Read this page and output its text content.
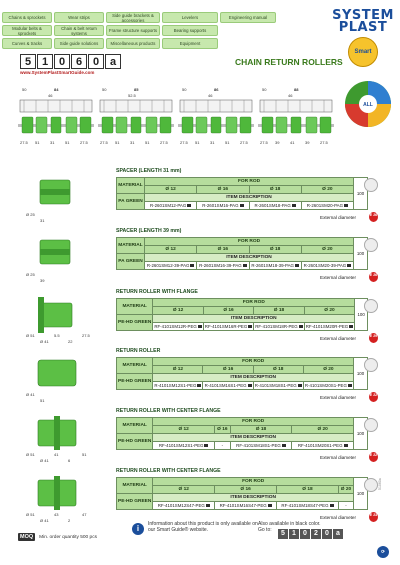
Chains & sprockets	Wear strips	Side guide brackets & accessories	Levelers	Engineering manual
Modular belts & sprockets
Chain & belt return systems	Frame structure supports	Bearing supports
Curves & tracks	Side guide solutions	Miscellaneous products	Equipment
SYSTEM
PLAST
Smart
5 1 0 6 0 a	CHAIN RETURN ROLLERS
www.SystemPlastSmartGuide.com
ALL
50	84
46
27.5 51	31	51	27.5
50	85
52.5
27.5 51	31	51	27.5
50	86
46
27.5 51	31	51	27.5
50	88
46
27.5 39	41	39	27.5
Ø 25
31
SPACER (LENGTH 31 mm)
MATERIAL	FOR ROD				100
	Ø 12	Ø 16	Ø 18	Ø 20	
PA GREEN	ITEM DESCRIPTION				
	R-2601SM12-PAG	R-2601SM16-PAG	R-2601SM18-PAG	R-2601SM20-PAG	
External diameter	E 26
Ø 25
39
SPACER (LENGTH 39 mm)
MATERIAL	FOR ROD				100
	Ø 12	Ø 16	Ø 18	Ø 20	
PA GREEN	ITEM DESCRIPTION				
	R-2601SM12-39-PAG	R-2601SM16-39-PAG	R-2601SM18-39-PAG	R-2601SM20-39-PAG	
External diameter	E 26
Ø 51
Ø 41
5.5
22
27.5
RETURN ROLLER WITH FLANGE
MATERIAL	FOR ROD				100
	Ø 12	Ø 16	Ø 18	Ø 20	
PE-HD GREEN	ITEM DESCRIPTION				
	RF-4101SM12R-PEG	RF-4101SM16R-PEG	RF-4101SM18R-PEG	RF-4101SM20R-PEG	
External diameter	E 29
Ø 41
51
RETURN ROLLER
MATERIAL	FOR ROD				100
	Ø 12	Ø 16	Ø 18	Ø 20	
PE-HD GREEN	ITEM DESCRIPTION				
	R-4101SM12S1-PEG	R-4101SM16S1-PEG	R-4101SM18S1-PEG	R-4101SM20S1-PEG	
External diameter	E 22
Ø 51
Ø 41
41
6
51
RETURN ROLLER WITH CENTER FLANGE
MATERIAL	FOR ROD				100
	Ø 12	Ø 16	Ø 18	Ø 20	
PE-HD GREEN	ITEM DESCRIPTION				
	RF-4101SM12S1-PEG	-	RF-4101SM18S1-PEG	RF-4101SM20S1-PEG	
External diameter	E 22
Ø 51
Ø 41
43
2
47
RETURN ROLLER WITH CENTER FLANGE
MATERIAL	FOR ROD				100
	Ø 12	Ø 16	Ø 18	Ø 20	
PE-HD GREEN	ITEM DESCRIPTION				
	RF-4101SM12S47-PEG	RF-4101SM16S47-PEG	RF-4101SM18S47-PEG	-	
External diameter	E 23
MOQ	Min. order quantity 500 pcs
i	Information about this product is only available on our Smart Guide® website.
Also available in black color.
Go to:	5	1	0	2	0	a
51060a
⟳
